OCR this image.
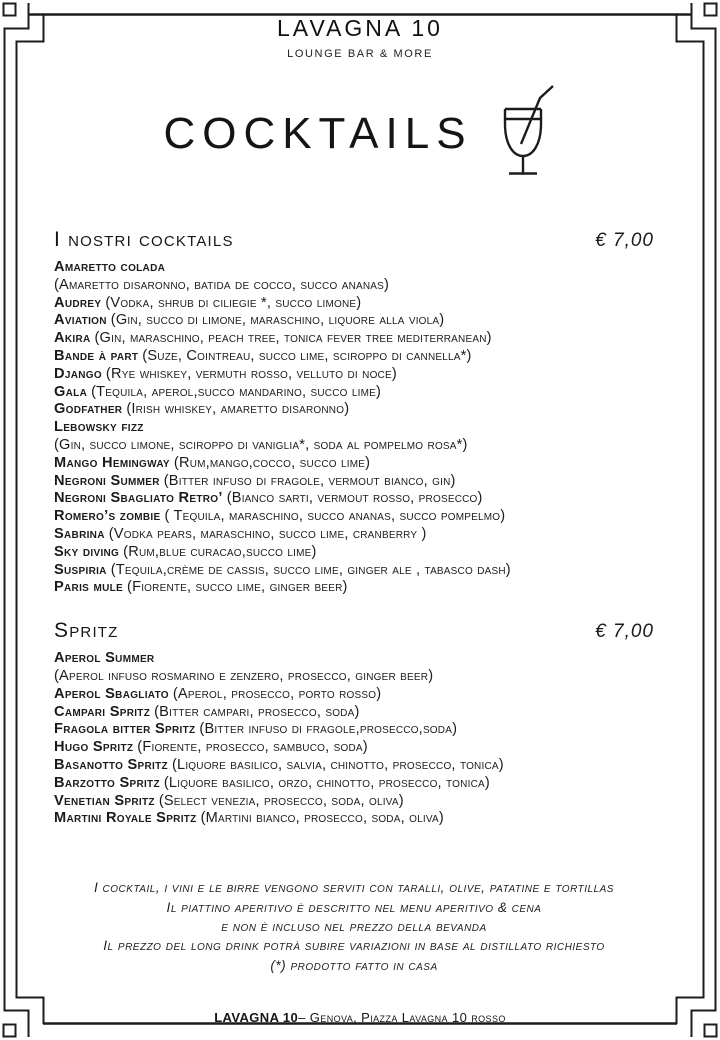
LAVAGNA 10
LOUNGE BAR & MORE
COCKTAILS
I nostri cocktails	€ 7,00
Amaretto colada
(Amaretto disaronno, batida de cocco, succo ananas)
Audrey (Vodka, shrub di ciliegie *, succo limone)
Aviation (Gin, succo di limone, maraschino, liquore alla viola)
Akira (Gin, maraschino, peach tree, tonica fever tree mediterranean)
Bande à part (Suze, Cointreau, succo lime, sciroppo di cannella*)
Django (Rye whiskey, vermuth rosso, velluto di noce)
Gala (Tequila, aperol,succo mandarino, succo lime)
Godfather (Irish whiskey, amaretto disaronno)
Lebowsky fizz
(Gin, succo limone, sciroppo di vaniglia*, soda al pompelmo rosa*)
Mango Hemingway (Rum,mango,cocco, succo lime)
Negroni Summer (Bitter infuso di fragole, vermout bianco, gin)
Negroni Sbagliato Retro’ (Bianco sarti, vermout rosso, prosecco)
Romero’s zombie ( Tequila, maraschino, succo ananas, succo pompelmo)
Sabrina (Vodka pears, maraschino, succo lime, cranberry )
Sky diving (Rum,blue curacao,succo lime)
Suspiria (Tequila,crème de cassis, succo lime, ginger ale , tabasco dash)
Paris mule (Fiorente, succo lime, ginger beer)
Spritz	€ 7,00
Aperol Summer
(Aperol infuso rosmarino e zenzero, prosecco, ginger beer)
Aperol Sbagliato (Aperol, prosecco, porto rosso)
Campari Spritz (Bitter campari, prosecco, soda)
Fragola bitter Spritz (Bitter infuso di fragole,prosecco,soda)
Hugo Spritz (Fiorente, prosecco, sambuco, soda)
Basanotto Spritz (Liquore basilico, salvia, chinotto, prosecco, tonica)
Barzotto Spritz (Liquore basilico, orzo, chinotto, prosecco, tonica)
Venetian Spritz (Select venezia, prosecco, soda, oliva)
Martini Royale Spritz (Martini bianco, prosecco, soda, oliva)
I cocktail, i vini e le birre vengono serviti con taralli, olive, patatine e tortillas
Il piattino aperitivo è descritto nel menu aperitivo & cena
e non è incluso nel prezzo della bevanda
Il prezzo del long drink potrà subire variazioni in base al distillato richiesto
(*) prodotto fatto in casa
LAVAGNA 10– Genova, Piazza Lavagna 10 rosso
